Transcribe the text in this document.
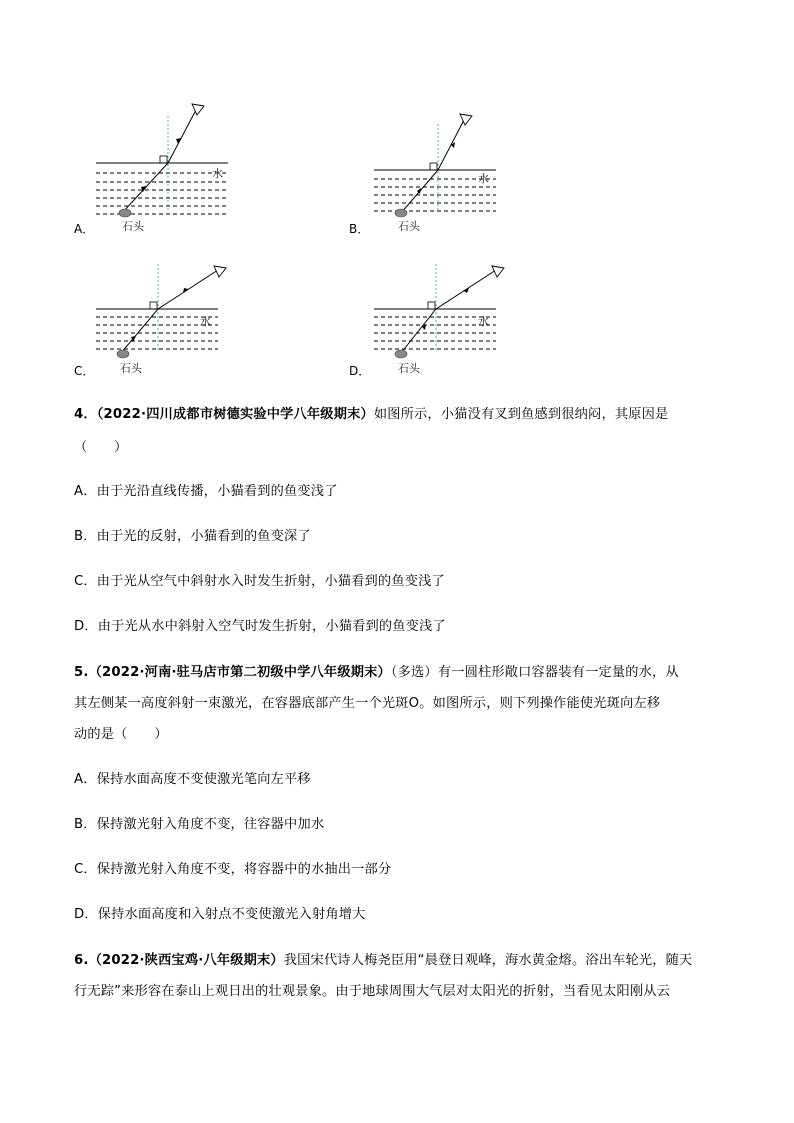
水
石头
A．
水
石头
B．
水
石头
C．
水
石头
D．
4．（2022·四川成都市树德实验中学八年级期末）如图所示，小猫没有叉到鱼感到很纳闷，其原因是
（　　）
A．由于光沿直线传播，小猫看到的鱼变浅了
B．由于光的反射，小猫看到的鱼变深了
C．由于光从空气中斜射水入时发生折射，小猫看到的鱼变浅了
D．由于光从水中斜射入空气时发生折射，小猫看到的鱼变浅了
5.（2022·河南·驻马店市第二初级中学八年级期末）（多选）有一圆柱形敞口容器装有一定量的水，从
其左侧某一高度斜射一束激光，在容器底部产生一个光斑O。如图所示，则下列操作能使光斑向左移
动的是（　　）
A．保持水面高度不变使激光笔向左平移
B．保持激光射入角度不变，往容器中加水
C．保持激光射入角度不变，将容器中的水抽出一部分
D．保持水面高度和入射点不变使激光入射角增大
6.（2022·陕西宝鸡·八年级期末）我国宋代诗人梅尧臣用“晨登日观峰，海水黄金熔。浴出车轮光，随天
行无踪”来形容在泰山上观日出的壮观景象。由于地球周围大气层对太阳光的折射，当看见太阳刚从云
